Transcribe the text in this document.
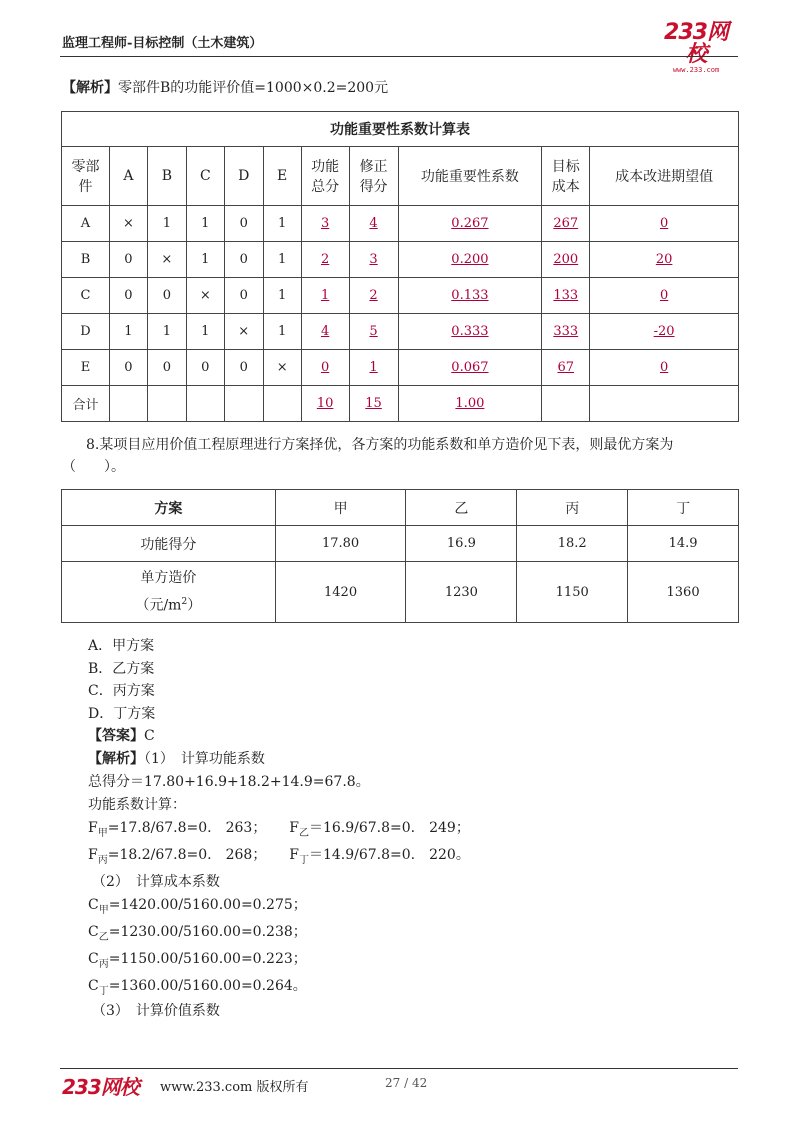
监理工程师-目标控制（土木建筑）	233网校
www.233.com
【解析】零部件B的功能评价值=1000×0.2=200元
功能重要性系数计算表										
零部件	A	B	C	D	E	功能总分	修正得分	功能重要性系数	目标成本	成本改进期望值
A	×	1	1	0	1	3	4	0.267	267	0
B	0	×	1	0	1	2	3	0.200	200	20
C	0	0	×	0	1	1	2	0.133	133	0
D	1	1	1	×	1	4	5	0.333	333	-20
E	0	0	0	0	×	0	1	0.067	67	0
合计						10	15	1.00		
8.某项目应用价值工程原理进行方案择优，各方案的功能系数和单方造价见下表，则最优方案为
（　　）。
方案	甲	乙	丙	丁
功能得分	17.80	16.9	18.2	14.9

单方造价
（元$/m^2$）	1420	1230	1150	1360
A．甲方案
B．乙方案
C．丙方案
D．丁方案
【答案】C
【解析】（1）　计算功能系数
总得分＝17.80+16.9+18.2+14.9=67.8。
功能系数计算：
$F_甲=17.8/67.8=0$.　263； $F_乙=16.9/67.8=0$.　249；
$F_丙=18.2/67.8=0$.　268； $F_丁=14.9/67.8=0$.　220。
（2）　计算成本系数
$C_甲=1420.00/5160.00=0.275$；
$C_乙=1230.00/5160.00=0.238$；
$C_丙=1150.00/5160.00=0.223$；
$C_丁=1360.00/5160.00=0.264$。
（3）　计算价值系数
233网校 www.233.com 版权所有	27 / 42
